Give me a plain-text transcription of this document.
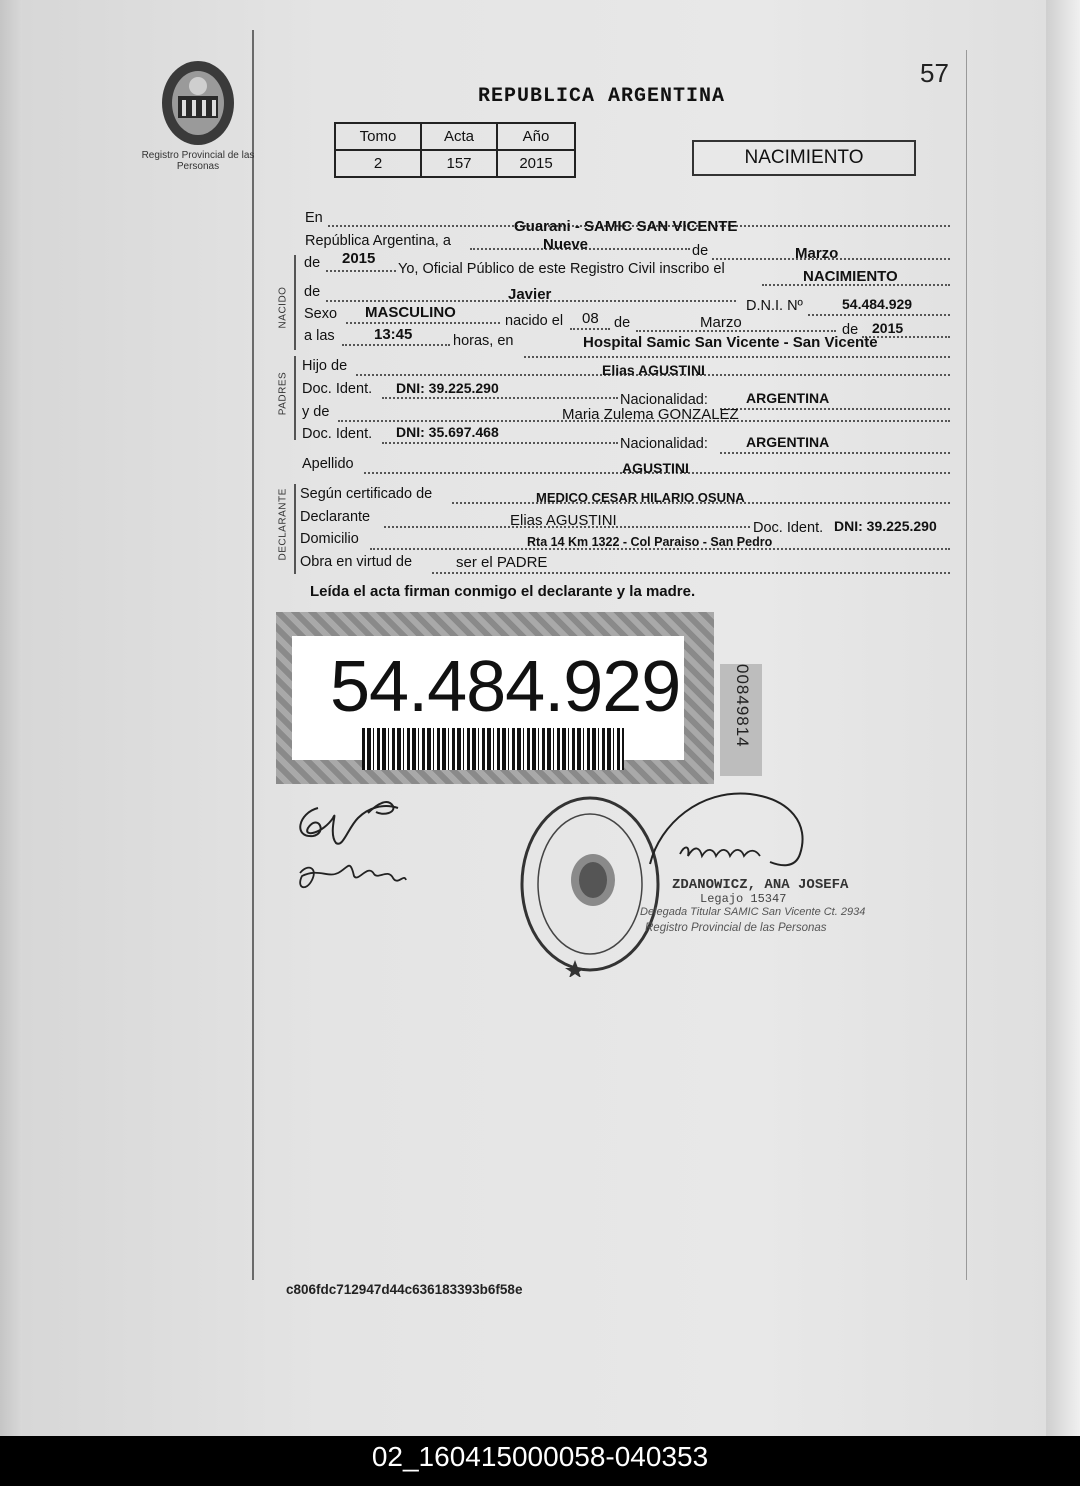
Registro Provincial de las Personas
57
REPUBLICA ARGENTINA
Tomo	Acta	Año
2	157	2015	NACIMIENTO
NACIDO
PADRES
DECLARANTE
En	Guarani - SAMIC SAN VICENTE
República Argentina, a	Nueve	de	Marzo
de 2015
Yo, Oficial Público de este Registro Civil inscribo el	NACIMIENTO
de	Javier
D.N.I. Nº	54.484.929
Sexo MASCULINO	nacido el 08 de	Marzo	de 2015
a las	13:45	horas, en	Hospital Samic San Vicente - San Vicente
Hijo de	Elias AGUSTINI
Doc. Ident. DNI: 39.225.290
Nacionalidad:	ARGENTINA
y de	Maria Zulema GONZALEZ
Doc. Ident. DNI: 35.697.468
Nacionalidad:	ARGENTINA
Apellido	AGUSTINI
Según certificado de	MEDICO CESAR HILARIO OSUNA
Declarante	Elias AGUSTINI	Doc. Ident. DNI: 39.225.290
Domicilio	Rta 14 Km 1322 - Col Paraiso - San Pedro
Obra en virtud de	ser el PADRE
Leída el acta firman conmigo el declarante y la madre.
54.484.929	00849814
ZDANOWICZ, ANA JOSEFA
Legajo 15347
Delegada Titular SAMIC San Vicente Ct. 2934
Registro Provincial de las Personas
c806fdc712947d44c636183393b6f58e
02_160415000058-040353
